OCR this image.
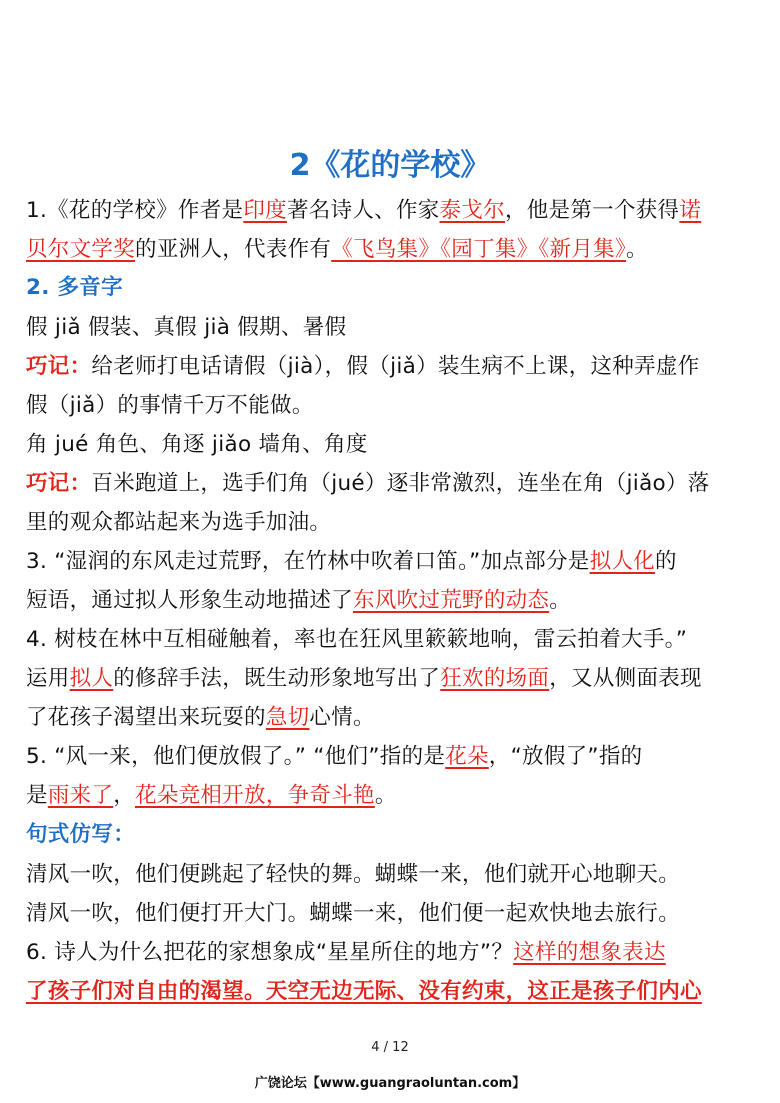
2《花的学校》
1.《花的学校》作者是印度著名诗人、作家泰戈尔，他是第一个获得诺
贝尔文学奖的亚洲人，代表作有《飞鸟集》《园丁集》《新月集》。
2. 多音字
假 jiǎ 假装、真假 jià 假期、暑假
巧记：给老师打电话请假（jià），假（jiǎ）装生病不上课，这种弄虚作
假（jiǎ）的事情千万不能做。
角 jué 角色、角逐 jiǎo 墙角、角度
巧记：百米跑道上，选手们角（jué）逐非常激烈，连坐在角（jiǎo）落
里的观众都站起来为选手加油。
3. “湿润的东风走过荒野，在竹林中吹着口笛。”加点部分是拟人化的
短语，通过拟人形象生动地描述了东风吹过荒野的动态。
4. 树枝在林中互相碰触着，率也在狂风里簌簌地响，雷云拍着大手。”
运用拟人的修辞手法，既生动形象地写出了狂欢的场面，又从侧面表现
了花孩子渴望出来玩耍的急切心情。
5. “风一来，他们便放假了。” “他们”指的是花朵，“放假了”指的
是雨来了，花朵竞相开放，争奇斗艳。
句式仿写：
清风一吹，他们便跳起了轻快的舞。蝴蝶一来，他们就开心地聊天。
清风一吹，他们便打开大门。蝴蝶一来，他们便一起欢快地去旅行。
6. 诗人为什么把花的家想象成“星星所住的地方”？这样的想象表达
了孩子们对自由的渴望。天空无边无际、没有约束，这正是孩子们内心
4 / 12
广饶论坛【www.guangraoluntan.com】
